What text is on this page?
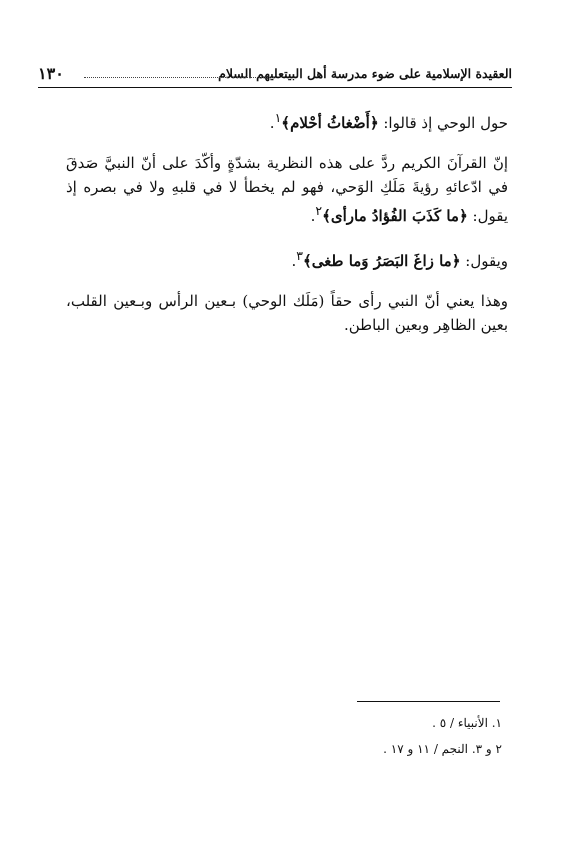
العقيدة الإسلامية على ضوء مدرسة أهل البيتعليهم السلام
١٣٠

حول الوحي إذ قالوا: ﴿أَضْغاثُ أحْلام﴾$^١$.

إنّ القرآنَ الكريم ردَّ على هذه النظرية بشدّةٍ وأكّدَ على أنّ النبيَّ صَدقَ في ادّعائهِ رؤيةَ مَلَكِ الوَحي، فهو لم يخطأ لا في قلبهِ ولا في بصره إذ يقول: ﴿ما كَذَبَ الفُؤادُ مارأى﴾$^٢$.

ويقول: ﴿ما زاغَ البَصَرُ وَما طغى﴾$^٣$.

وهذا يعني أنّ النبي رأى حقاً (مَلَك الوحي) بـعين الرأس وبـعين القلب، بعين الظاهِر وبعين الباطن.

١. الأنبياء / ٥ .

٢ و ٣. النجم / ١١ و ١٧ .
